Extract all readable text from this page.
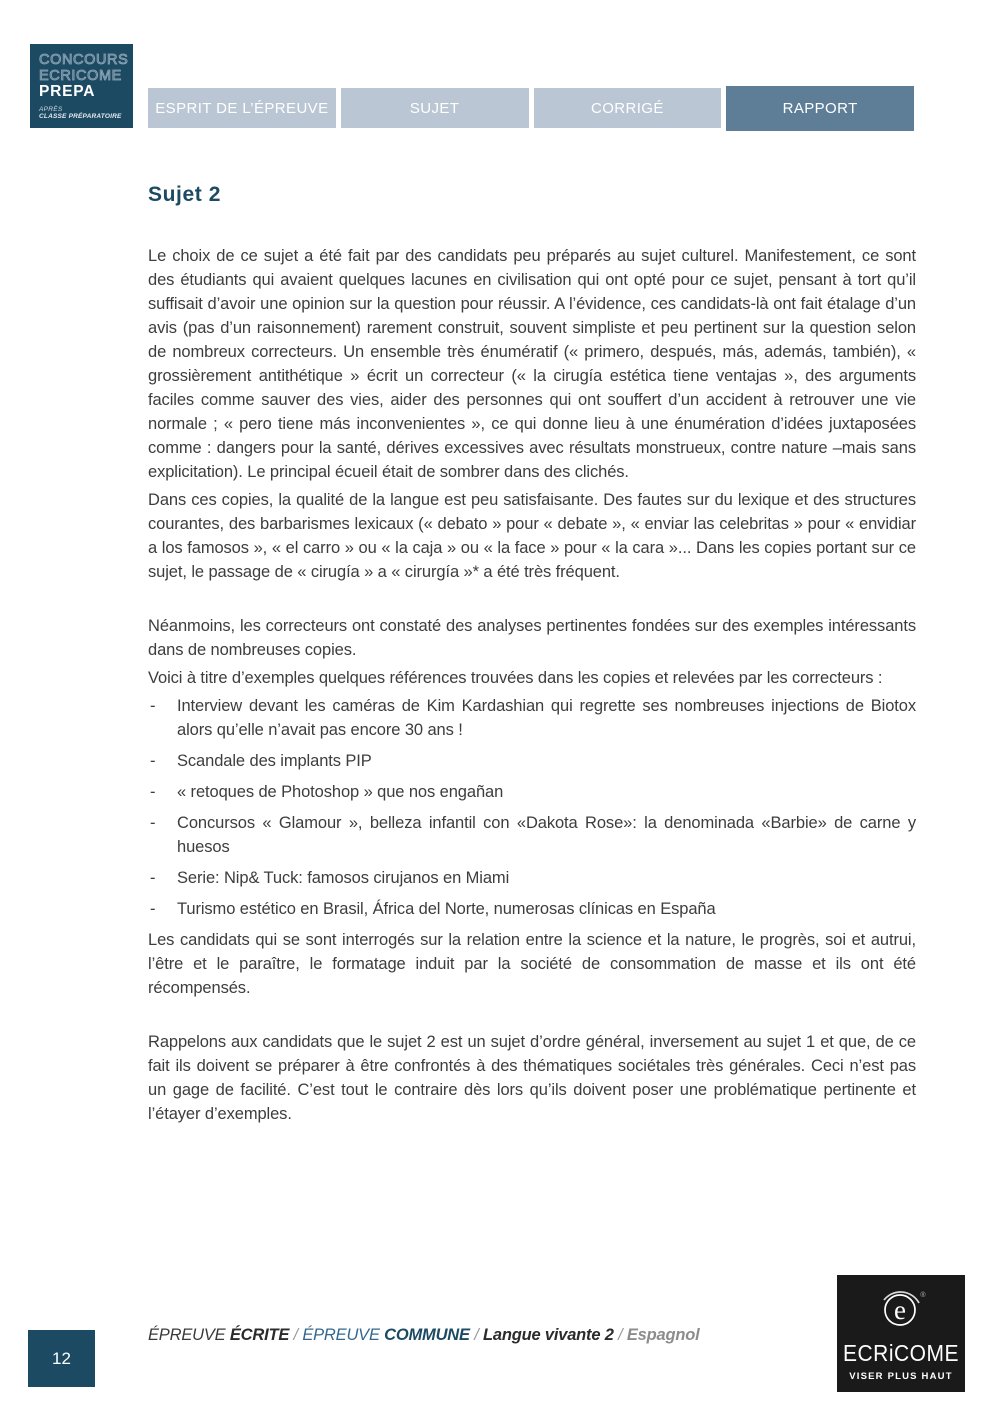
CONCOURS
ECRICOME
PREPA
APRÈS
CLASSE PRÉPARATOIRE	ESPRIT DE L’ÉPREUVE	SUJET	CORRIGÉ	RAPPORT
Sujet 2

Le choix de ce sujet a été fait par des candidats peu préparés au sujet culturel. Manifestement, ce sont des étudiants qui avaient quelques lacunes en civilisation qui ont opté pour ce sujet, pensant à tort qu’il suffisait d’avoir une opinion sur la question pour réussir. A l’évidence, ces candidats-là ont fait étalage d’un avis (pas d’un raisonnement) rarement construit, souvent simpliste et peu pertinent sur la question selon de nombreux correcteurs. Un ensemble très énumératif (« primero, después, más, además, también), « grossièrement antithétique » écrit un correcteur (« la cirugía estética tiene ventajas », des arguments faciles comme sauver des vies, aider des personnes qui ont souffert d’un accident à retrouver une vie normale ; « pero tiene más inconvenientes », ce qui donne lieu à une énumération d’idées juxtaposées comme : dangers pour la santé, dérives excessives avec résultats monstrueux, contre nature –mais sans explicitation). Le principal écueil était de sombrer dans des clichés.

Dans ces copies, la qualité de la langue est peu satisfaisante. Des fautes sur du lexique et des structures courantes, des barbarismes lexicaux (« debato » pour « debate », « enviar las celebritas » pour « envidiar a los famosos », « el carro » ou « la caja » ou « la face » pour « la cara »... Dans les copies portant sur ce sujet, le passage de « cirugía » a « cirurgía »* a été très fréquent.

Néanmoins, les correcteurs ont constaté des analyses pertinentes fondées sur des exemples intéressants dans de nombreuses copies.

Voici à titre d’exemples quelques références trouvées dans les copies et relevées par les correcteurs :

- Interview devant les caméras de Kim Kardashian qui regrette ses nombreuses injections de Biotox alors qu’elle n’avait pas encore 30 ans !
- Scandale des implants PIP
- « retoques de Photoshop » que nos engañan
- Concursos « Glamour », belleza infantil con «Dakota Rose»: la denominada «Barbie» de carne y huesos
- Serie: Nip& Tuck: famosos cirujanos en Miami
- Turismo estético en Brasil, África del Norte, numerosas clínicas en España

Les candidats qui se sont interrogés sur la relation entre la science et la nature, le progrès, soi et autrui, l’être et le paraître, le formatage induit par la société de consommation de masse et ils ont été récompensés.

Rappelons aux candidats que le sujet 2 est un sujet d’ordre général, inversement au sujet 1 et que, de ce fait ils doivent se préparer à être confrontés à des thématiques sociétales très générales. Ceci n’est pas un gage de facilité. C’est tout le contraire dès lors qu’ils doivent poser une problématique pertinente et l’étayer d’exemples.

12
ÉPREUVE ÉCRITE / ÉPREUVE COMMUNE / Langue vivante 2 / Espagnol
e ®
ECRiCOME
VISER PLUS HAUT
